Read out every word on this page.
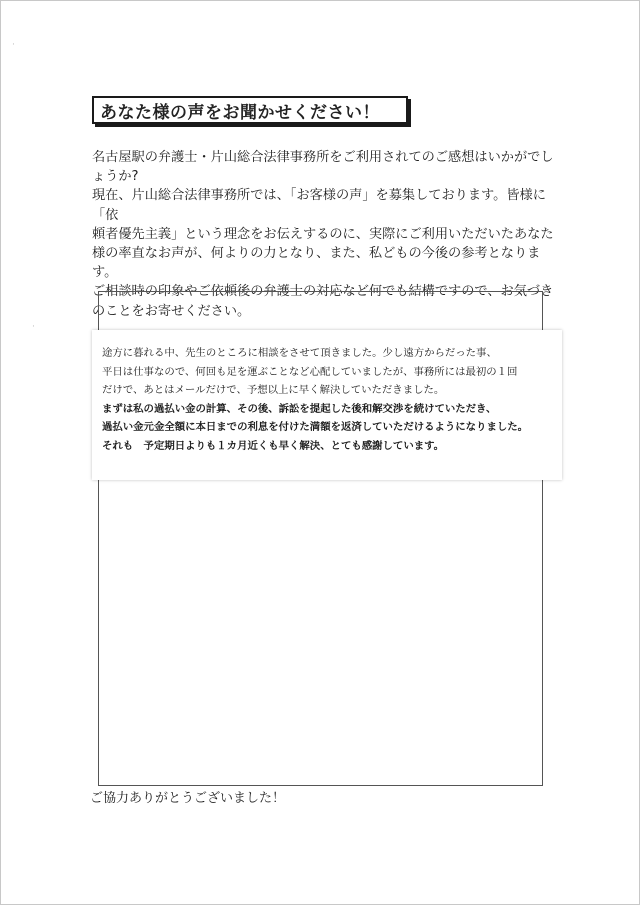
·
·
あなた様の声をお聞かせください！

名古屋駅の弁護士・片山総合法律事務所をご利用されてのご感想はいかがでし

ょうか?

現在、片山総合法律事務所では、「お客様の声」を募集しております。皆様に「依

頼者優先主義」という理念をお伝えするのに、実際にご利用いただいたあなた

様の率直なお声が、何よりの力となり、また、私どもの今後の参考となります。

ご相談時の印象やご依頼後の弁護士の対応など何でも結構ですので、お気づき

のことをお寄せください。

途方に暮れる中、先生のところに相談をさせて頂きました。少し遠方からだった事、

平日は仕事なので、何回も足を運ぶことなど心配していましたが、事務所には最初の１回

だけで、あとはメールだけで、予想以上に早く解決していただきました。

まずは私の過払い金の計算、その後、訴訟を提起した後和解交渉を続けていただき、

過払い金元金全額に本日までの利息を付けた満額を返済していただけるようになりました。

それも　予定期日よりも１カ月近くも早く解決、とても感謝しています。

ご協力ありがとうございました！
